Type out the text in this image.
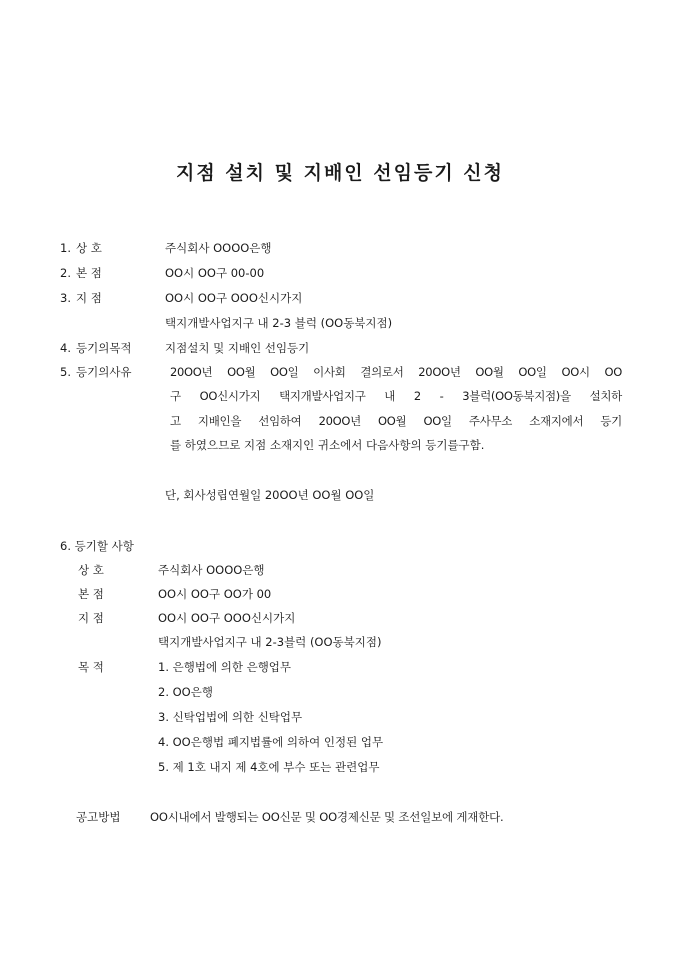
지점 설치 및 지배인 선임등기 신청
1. 상 호	주식회사 OOOO은행
2. 본 점	OO시 OO구 00-00
3. 지 점	OO시 OO구 OOO신시가지
택지개발사업지구 내 2-3 블럭 (OO동북지점)
4. 등기의목적	지점설치 및 지배인 선임등기
5. 등기의사유	20OO년 OO월 OO일 이사회 결의로서 20OO년 OO월 OO일 OO시 OO
구 OO신시가지 택지개발사업지구 내 2 - 3블럭(OO동북지점)을 설치하
고 지배인을 선임하여 20OO년 OO월 OO일 주사무소 소재지에서 등기
를 하였으므로 지점 소재지인 귀소에서 다음사항의 등기를구함.
단, 회사성립연월일 20OO년 OO월 OO일
6. 등기할 사항
상 호	주식회사 OOOO은행
본 점	OO시 OO구 OO가 00
지 점	OO시 OO구 OOO신시가지
택지개발사업지구 내 2-3블럭 (OO동북지점)
목 적	1. 은행법에 의한 은행업무
2. OO은행
3. 신탁업법에 의한 신탁업무
4. OO은행법 폐지법률에 의하여 인정된 업무
5. 제 1호 내지 제 4호에 부수 또는 관련업무
공고방법	OO시내에서 발행되는 OO신문 및 OO경제신문 및 조선일보에 게재한다.
